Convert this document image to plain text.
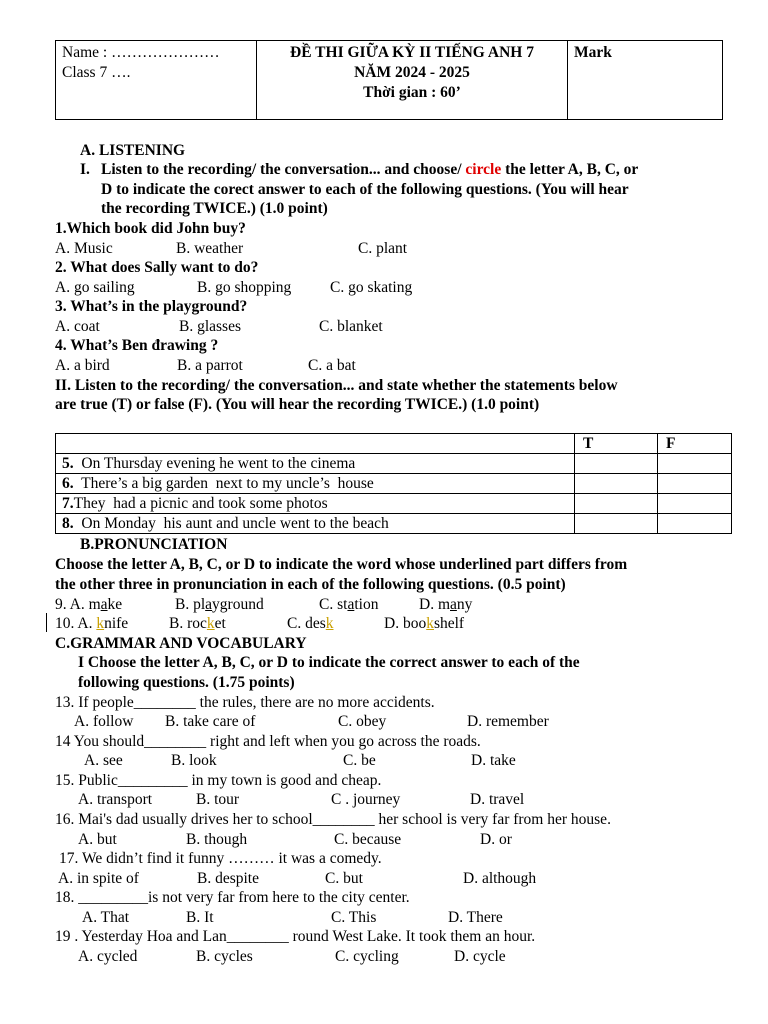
Name : …………………
Class 7 ….

ĐỀ THI GIỮA KỲ II TIẾNG ANH 7
NĂM 2024 - 2025
Thời gian : 60’

Mark
A. LISTENING
I. Listen to the recording/ the conversation... and choose/ circle the letter A, B, C, or
D to indicate the corect answer to each of the following questions. (You will hear
the recording TWICE.) (1.0 point)
1.Which book did John buy?
A. Music	B. weather	C. plant
2. What does Sally want to do?
A. go sailing	B. go shopping C. go skating
3. What’s in the playground?
A. coat	B. glasses	C. blanket
4. What’s Ben đrawing ?
A. a bird	B. a parrot	C. a bat
II. Listen to the recording/ the conversation... and state whether the statements below
are true (T) or false (F). (You will hear the recording TWICE.) (1.0 point)
	T	F
5.  On Thursday evening he went to the cinema		
6.  There’s a big garden  next to my uncle’s  house		
7.They  had a picnic and took some photos		
8.  On Monday  his aunt and uncle went to the beach		
B.PRONUNCIATION
Choose the letter A, B, C, or D to indicate the word whose underlined part differs from
the other three in pronunciation in each of the following questions. (0.5 point)
9. A. make	B. playground	C. station	D. many
10. A. knife	B. rocket	C. desk	D. bookshelf
C.GRAMMAR AND VOCABULARY
I Choose the letter A, B, C, or D to indicate the correct answer to each of the
following questions. (1.75 points)
13. If people________ the rules, there are no more accidents.
A. follow B. take care of	C. obey	D. remember
14 You should________ right and left when you go across the roads.
A. see	B. look	C. be	D. take
15. Public_________ in my town is good and cheap.
A. transport	B. tour	C . journey	D. travel
16. Mai's dad usually drives her to school________ her school is very far from her house.
A. but	B. though	C. because	D. or
17. We didn’t find it funny ……… it was a comedy.
A. in spite of	B. despite	C. but	D. although
18. _________is not very far from here to the city center.
A. That	B. It	C. This	D. There
19 . Yesterday Hoa and Lan________ round West Lake. It took them an hour.
A. cycled	B. cycles	C. cycling	D. cycle
